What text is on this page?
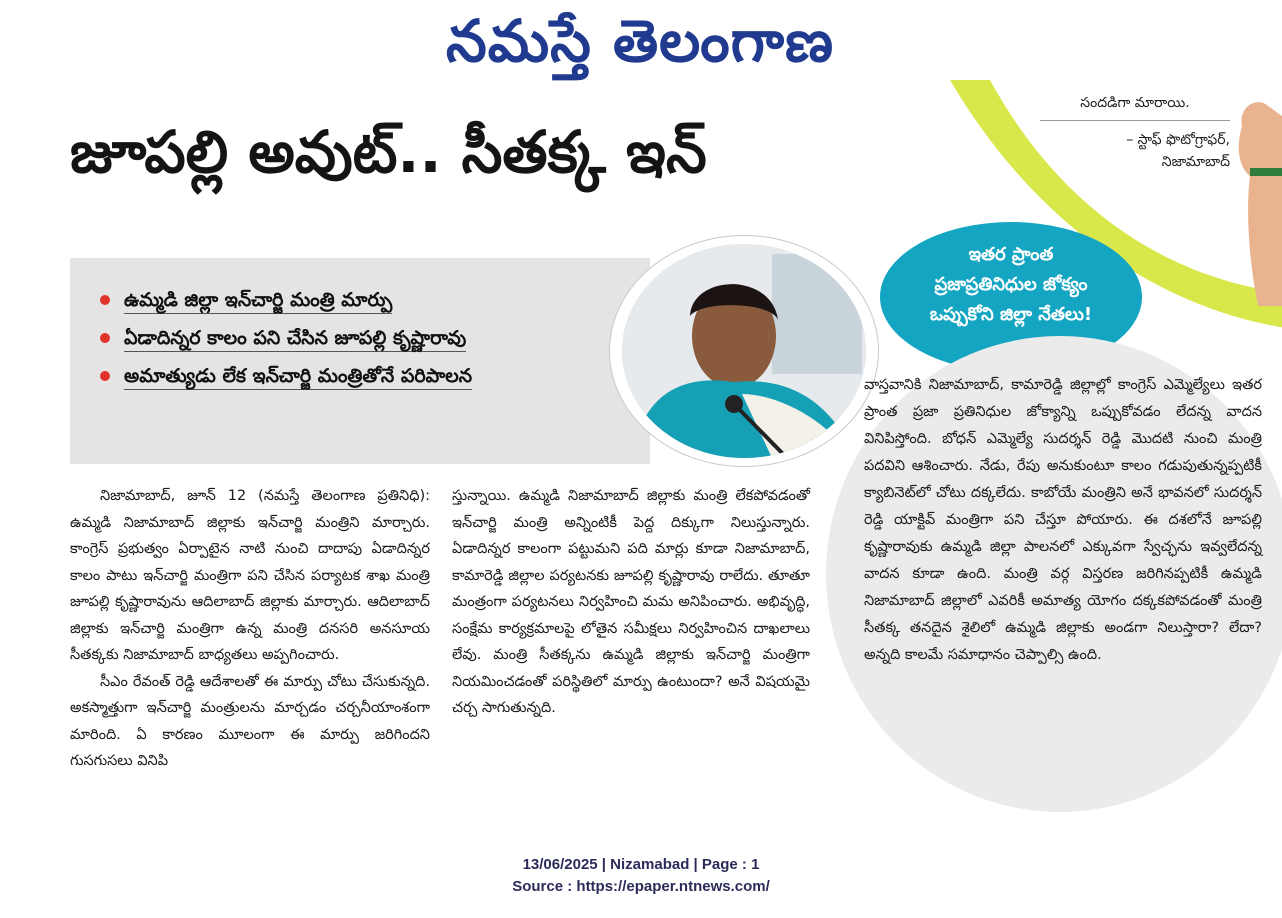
నమస్తే తెలంగాణ
సందడిగా మారాయి.
– స్టాఫ్ ఫొటోగ్రాఫర్,
నిజామాబాద్
జూపల్లి అవుట్.. సీతక్క ఇన్
ఉమ్మడి జిల్లా ఇన్‌చార్జి మంత్రి మార్పు
ఏడాదిన్నర కాలం పని చేసిన జూపల్లి కృష్ణారావు
అమాత్యుడు లేక ఇన్‌చార్జి మంత్రితోనే పరిపాలన
ఇతర ప్రాంత
ప్రజాప్రతినిధుల జోక్యం
ఒప్పుకోని జిల్లా నేతలు!

వాస్తవానికి నిజామాబాద్, కామారెడ్డి జిల్లాల్లో కాంగ్రెస్ ఎమ్మెల్యేలు ఇతర ప్రాంత ప్రజా ప్రతినిధుల జోక్యాన్ని ఒప్పుకోవడం లేదన్న వాదన వినిపిస్తోంది. బోధన్ ఎమ్మెల్యే సుదర్శన్ రెడ్డి మొదటి నుంచి మంత్రి పదవిని ఆశించారు. నేడు, రేపు అనుకుంటూ కాలం గడుపుతున్నప్పటికీ క్యాబినెట్‌లో చోటు దక్కలేదు. కాబోయే మంత్రిని అనే భావనలో సుదర్శన్ రెడ్డి యాక్టివ్ మంత్రిగా పని చేస్తూ పోయారు. ఈ దశలోనే జూపల్లి కృష్ణారావుకు ఉమ్మడి జిల్లా పాలనలో ఎక్కువగా స్వేచ్ఛను ఇవ్వలేదన్న వాదన కూడా ఉంది. మంత్రి వర్గ విస్తరణ జరిగినప్పటికీ ఉమ్మడి నిజామాబాద్ జిల్లాలో ఎవరికీ అమాత్య యోగం దక్కకపోవడంతో మంత్రి సీతక్క తనదైన శైలిలో ఉమ్మడి జిల్లాకు అండగా నిలుస్తారా? లేదా? అన్నది కాలమే సమాధానం చెప్పాల్సి ఉంది.

నిజామాబాద్, జూన్ 12 (నమస్తే తెలంగాణ ప్రతినిధి): ఉమ్మడి నిజామాబాద్ జిల్లాకు ఇన్‌చార్జి మంత్రిని మార్చారు. కాంగ్రెస్ ప్రభుత్వం ఏర్పాటైన నాటి నుంచి దాదాపు ఏడాదిన్నర కాలం పాటు ఇన్‌చార్జి మంత్రిగా పని చేసిన పర్యాటక శాఖ మంత్రి జూపల్లి కృష్ణారావును ఆదిలాబాద్ జిల్లాకు మార్చారు. ఆదిలాబాద్ జిల్లాకు ఇన్‌చార్జి మంత్రిగా ఉన్న మంత్రి దనసరి అనసూయ సీతక్కకు నిజామాబాద్ బాధ్యతలు అప్పగించారు.

సీఎం రేవంత్ రెడ్డి ఆదేశాలతో ఈ మార్పు చోటు చేసుకున్నది. అకస్మాత్తుగా ఇన్‌చార్జి మంత్రులను మార్చడం చర్చనీయాంశంగా మారింది. ఏ కారణం మూలంగా ఈ మార్పు జరిగిందని గుసగుసలు వినిపి

స్తున్నాయి. ఉమ్మడి నిజామాబాద్ జిల్లాకు మంత్రి లేకపోవడంతో ఇన్‌చార్జి మంత్రి అన్నింటికీ పెద్ద దిక్కుగా నిలుస్తున్నారు. ఏడాదిన్నర కాలంగా పట్టుమని పది మార్లు కూడా నిజామాబాద్, కామారెడ్డి జిల్లాల పర్యటనకు జూపల్లి కృష్ణారావు రాలేదు. తూతూ మంత్రంగా పర్యటనలు నిర్వహించి మమ అనిపించారు. అభివృద్ధి, సంక్షేమ కార్యక్రమాలపై లోతైన సమీక్షలు నిర్వహించిన దాఖలాలు లేవు. మంత్రి సీతక్కను ఉమ్మడి జిల్లాకు ఇన్‌చార్జి మంత్రిగా నియమించడంతో పరిస్థితిలో మార్పు ఉంటుందా? అనే విషయమై చర్చ సాగుతున్నది.

13/06/2025 | Nizamabad | Page : 1
Source : https://epaper.ntnews.com/
